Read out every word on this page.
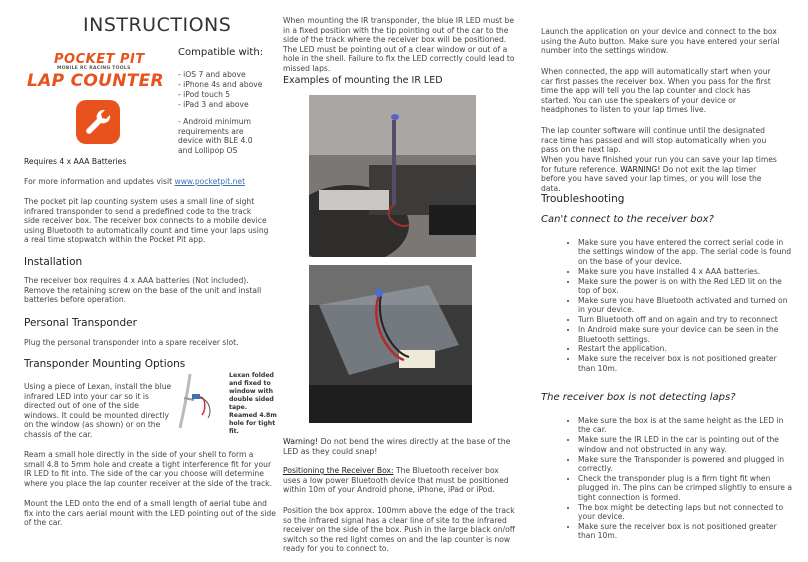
INSTRUCTIONS
POCKET PIT
MOBILE RC RACING TOOLS
LAP COUNTER
Compatible with:
- iOS 7 and above
- iPhone 4s and above
- iPod touch 5
- iPad 3 and above
- Android minimum requirements are device with BLE 4.0 and Lollipop OS
Requires 4 x AAA Batteries
For more information and updates visit www.pocketpit.net
The pocket pit lap counting system uses a small line of sight infrared transponder to send a predefined code to the track side receiver box. The receiver box connects to a mobile device using Bluetooth to automatically count and time your laps using a real time stopwatch within the Pocket Pit app.
Installation
The receiver box requires 4 x AAA batteries (Not included). Remove the retaining screw on the base of the unit and install batteries before operation.
Personal Transponder
Plug the personal transponder into a spare receiver slot.
Transponder Mounting Options
Using a piece of Lexan, install the blue infrared LED into your car so it is directed out of one of the side windows. It could be mounted directly on the window (as shown) or on the chassis of the car.
Lexan folded and fixed to window with double sided tape. Reamed 4.8m hole for tight fit.
Ream a small hole directly in the side of your shell to form a small 4.8 to 5mm hole and create a tight interference fit for your IR LED to fit into. The side of the car you choose will determine where you place the lap counter receiver at the side of the track.
Mount the LED onto the end of a small length of aerial tube and fix into the cars aerial mount with the LED pointing out of the side of the car.
When mounting the IR transponder, the blue IR LED must be in a fixed position with the tip pointing out of the car to the side of the track where the receiver box will be positioned. The LED must be pointing out of a clear window or out of a hole in the shell. Failure to fix the LED correctly could lead to missed laps.
Examples of mounting the IR LED
Warning! Do not bend the wires directly at the base of the LED as they could snap!
Positioning the Receiver Box: The Bluetooth receiver box uses a low power Bluetooth device that must be positioned within 10m of your Android phone, iPhone, iPad or iPod.
Position the box approx. 100mm above the edge of the track so the infrared signal has a clear line of site to the infrared receiver on the side of the box. Push in the large black on/off switch so the red light comes on and the lap counter is now ready for you to connect to.
Launch the application on your device and connect to the box using the Auto button. Make sure you have entered your serial number into the settings window.
When connected, the app will automatically start when your car first passes the receiver box. When you pass for the first time the app will tell you the lap counter and clock has started. You can use the speakers of your device or headphones to listen to your lap times live.
The lap counter software will continue until the designated race time has passed and will stop automatically when you pass on the next lap.
When you have finished your run you can save your lap times for future reference. WARNING! Do not exit the lap timer before you have saved your lap times, or you will lose the data.
Troubleshooting
Can't connect to the receiver box?
• Make sure you have entered the correct serial code in the settings window of the app. The serial code is found on the base of your device.
• Make sure you have installed 4 x AAA batteries.
• Make sure the power is on with the Red LED lit on the top of box.
• Make sure you have Bluetooth activated and turned on in your device.
• Turn Bluetooth off and on again and try to reconnect
• In Android make sure your device can be seen in the Bluetooth settings.
• Restart the application.
• Make sure the receiver box is not positioned greater than 10m.
The receiver box is not detecting laps?
• Make sure the box is at the same height as the LED in the car.
• Make sure the IR LED in the car is pointing out of the window and not obstructed in any way.
• Make sure the Transponder is powered and plugged in correctly.
• Check the transponder plug is a firm tight fit when plugged in. The pins can be crimped slightly to ensure a tight connection is formed.
• The box might be detecting laps but not connected to your device.
• Make sure the receiver box is not positioned greater than 10m.
